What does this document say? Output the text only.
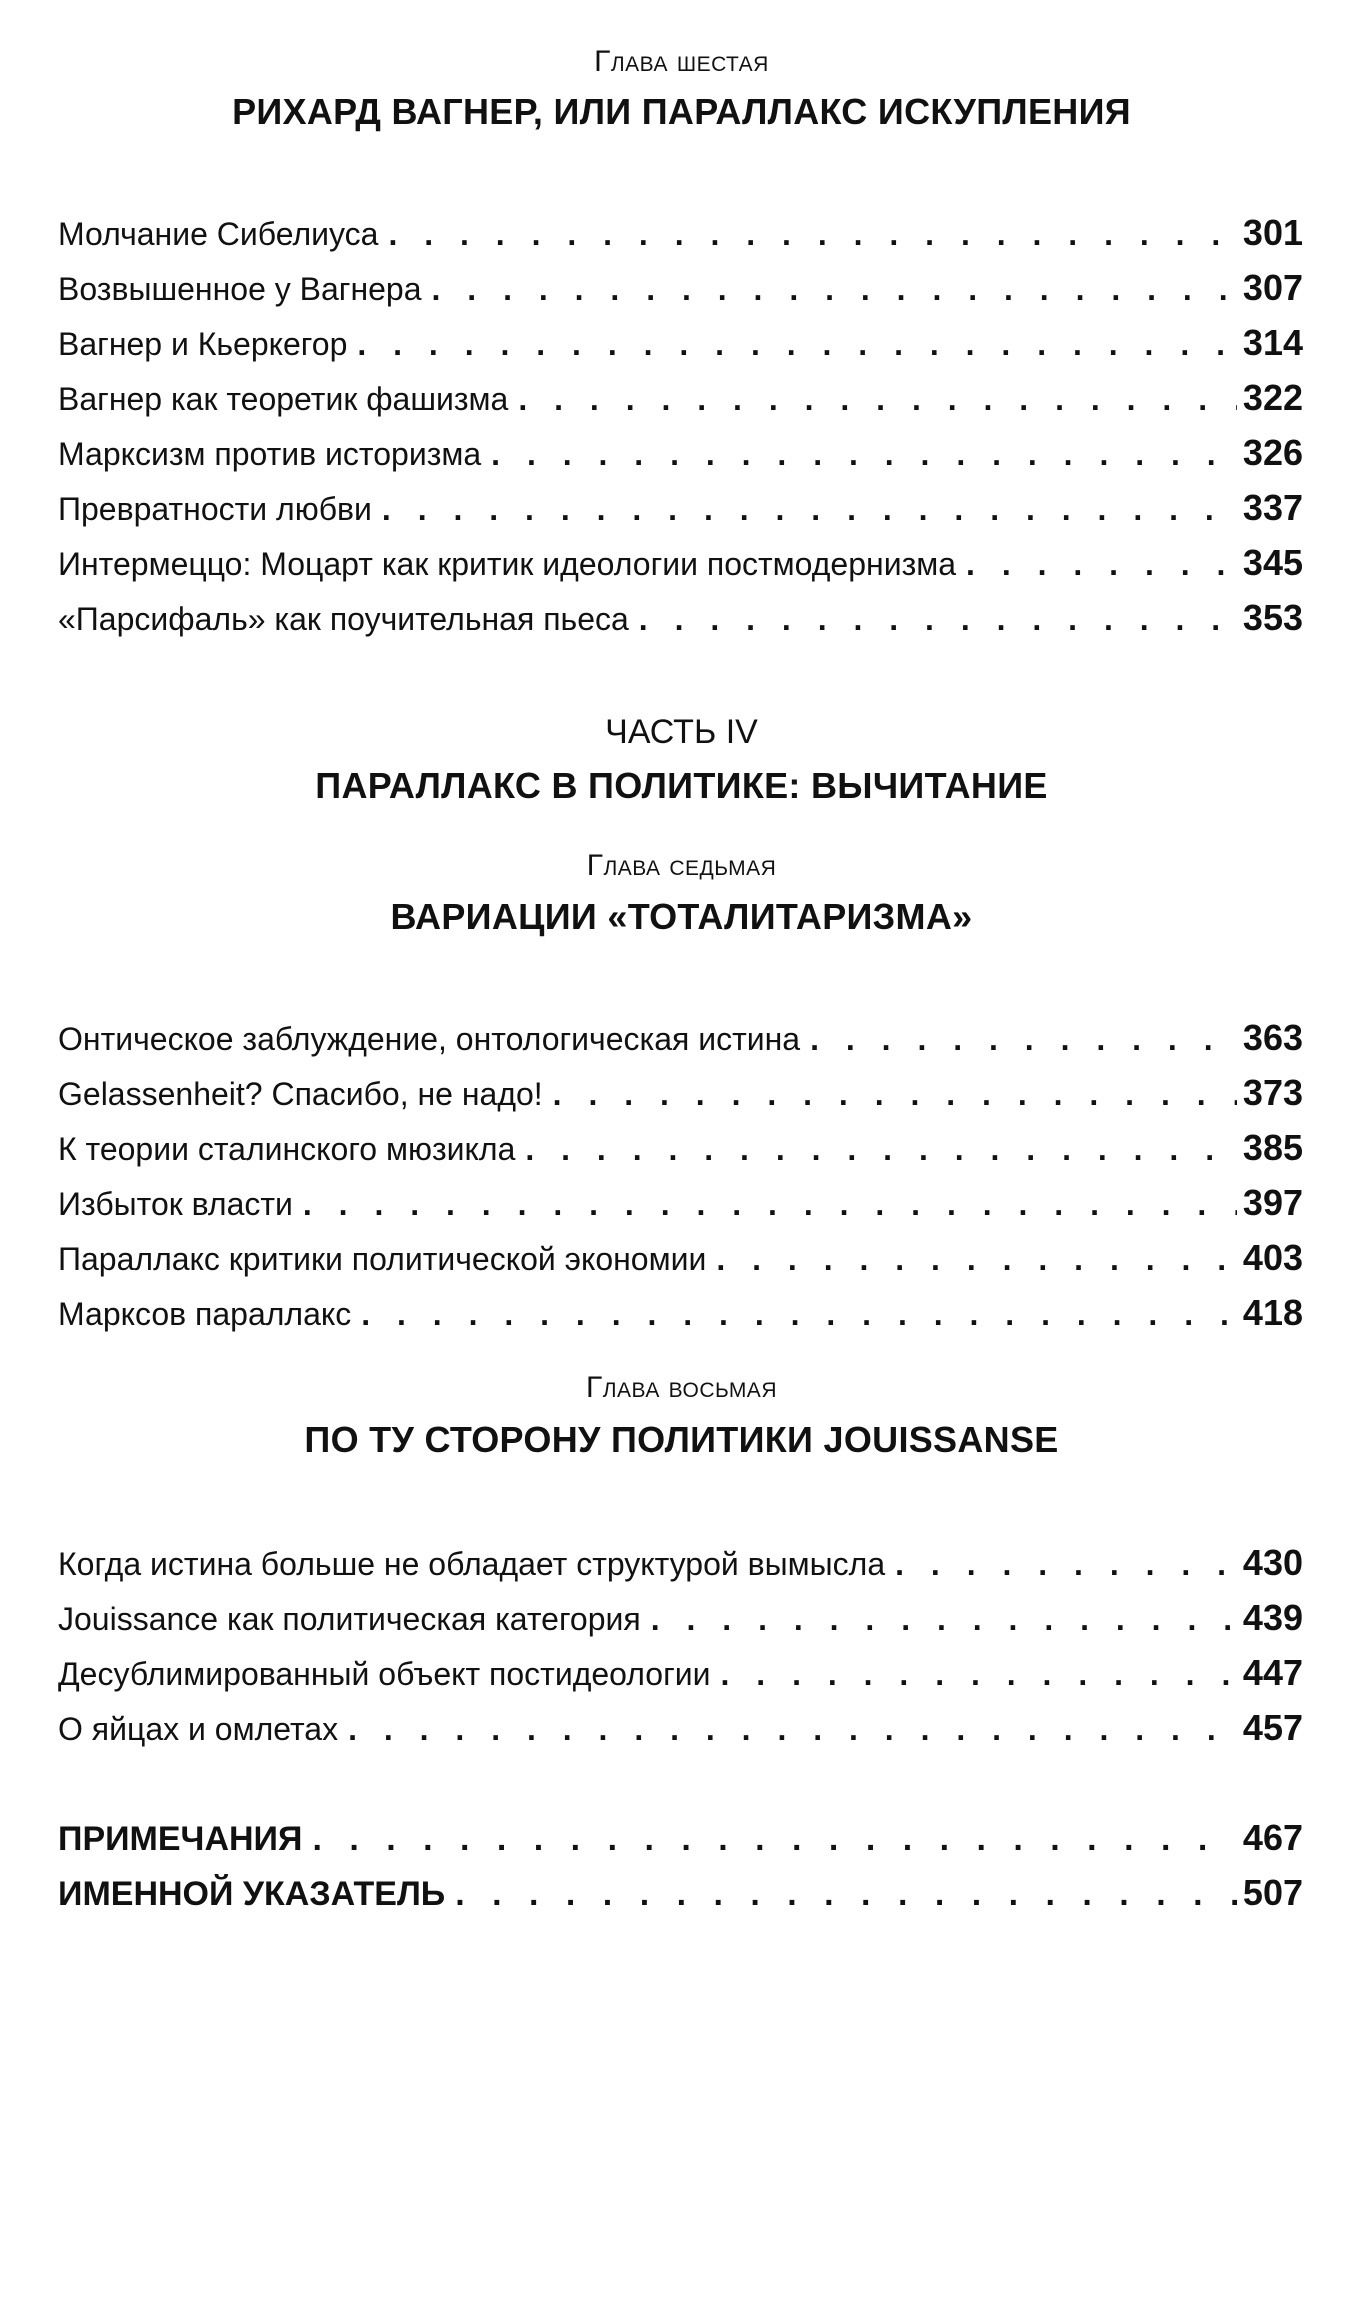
Глава шестая
РИХАРД ВАГНЕР, ИЛИ ПАРАЛЛАКС ИСКУПЛЕНИЯ
Молчание Сибелиуса . . .	301
Возвышенное у Вагнера . . .	307
Вагнер и Кьеркегор . . .	314
Вагнер как теоретик фашизма . . .	322
Марксизм против историзма . . .	326
Превратности любви . . .	337
Интермеццо: Моцарт как критик идеологии постмодернизма . . .	345
«Парсифаль» как поучительная пьеса . . .	353
ЧАСТЬ IV
ПАРАЛЛАКС В ПОЛИТИКЕ: ВЫЧИТАНИЕ
Глава седьмая
ВАРИАЦИИ «ТОТАЛИТАРИЗМА»
Онтическое заблуждение, онтологическая истина . . .	363
Gelassenheit? Спасибо, не надо! . . .	373
К теории сталинского мюзикла . . .	385
Избыток власти . . .	397
Параллакс критики политической экономии . . .	403
Марксов параллакс . . .	418
Глава восьмая
ПО ТУ СТОРОНУ ПОЛИТИКИ JOUISSANSE
Когда истина больше не обладает структурой вымысла . . .	430
Jouissance как политическая категория . . .	439
Десублимированный объект постидеологии . . .	447
О яйцах и омлетах . . .	457
ПРИМЕЧАНИЯ . . .	467
ИМЕННОЙ УКАЗАТЕЛЬ . . .	507
